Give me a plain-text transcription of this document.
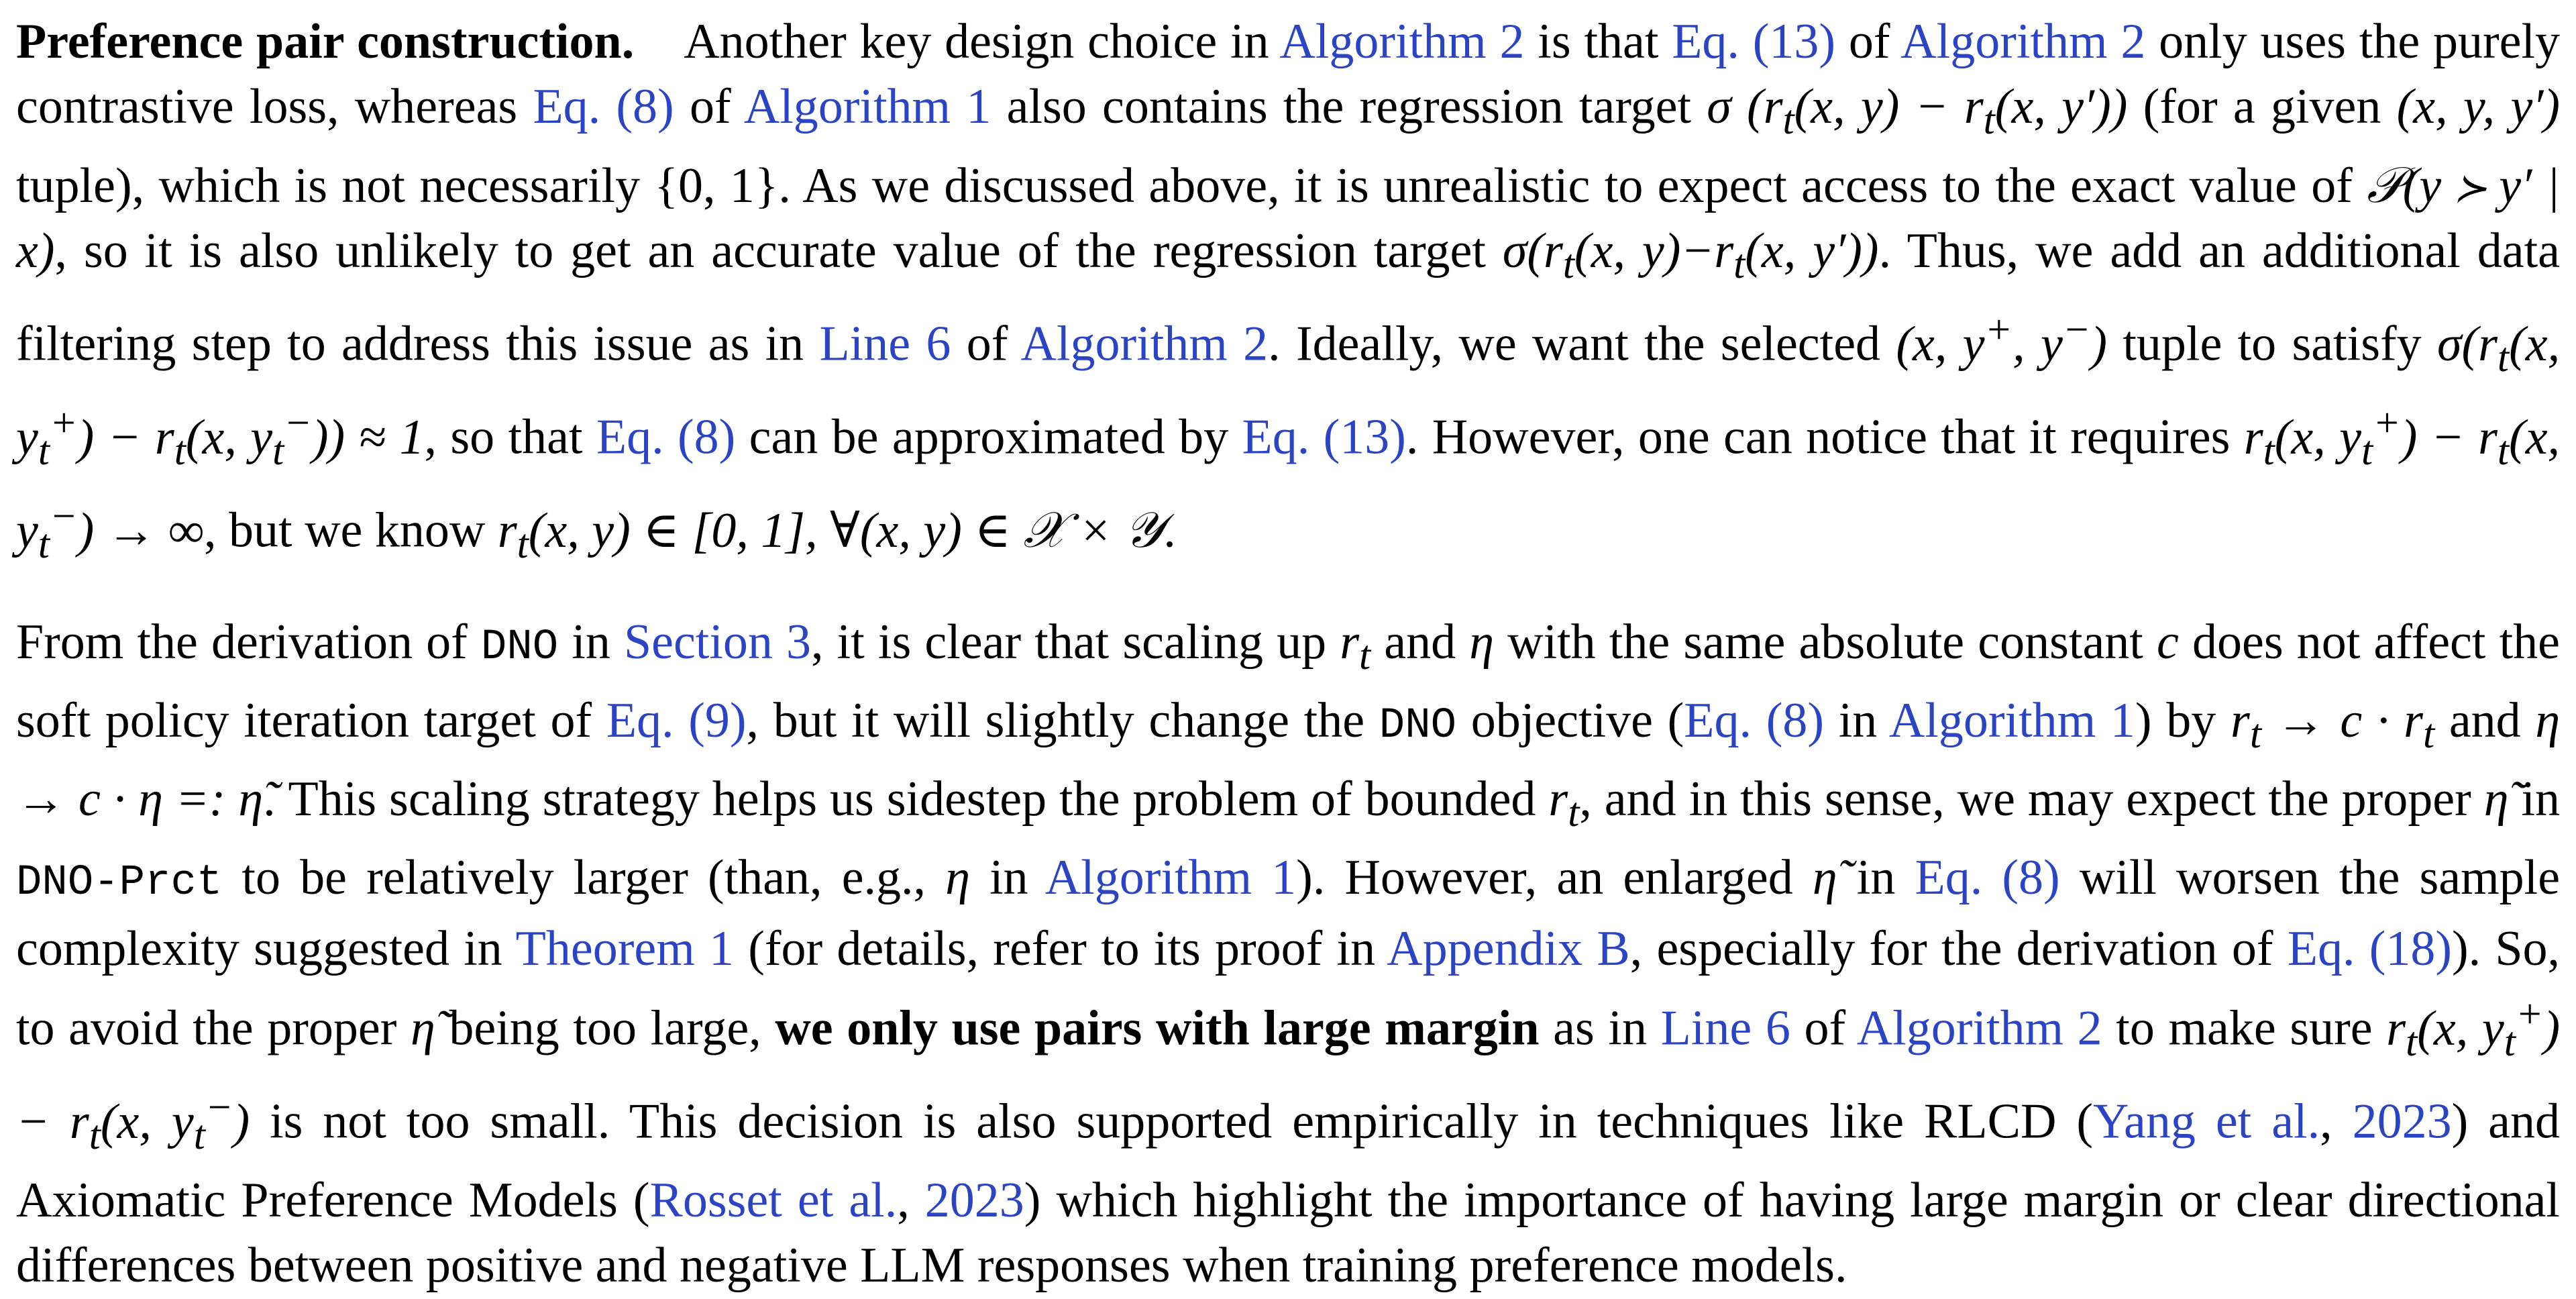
Preference pair construction.  Another key design choice in Algorithm 2 is that Eq. (13) of Algorithm 2 only uses the purely contrastive loss, whereas Eq. (8) of Algorithm 1 also contains the regression target σ ($r_t(x$, $y) - r_t(x$, y′)) (for a given (x, y, y′) tuple), which is not necessarily {0, 1}. As we discussed above, it is unrealistic to expect access to the exact value of 𝒫(y ≻ y′ | x), so it is also unlikely to get an accurate value of the regression target $\sigma(r_t(x$, $y)-r_t(x$, y′)). Thus, we add an additional data filtering step to address this issue as in Line 6 of Algorithm 2. Ideally, we want the selected (x, y+, y−) tuple to satisfy $\sigma(r_t(x$, $y_t^+) - r_t(x$, $y_t^-)) \approx 1$, so that Eq. (8) can be approximated by Eq. (13). However, one can notice that it requires $r_t(x$, $y_t^+) - r_t(x$, $y_t^-$) → ∞, but we know $r_t(x$, y) ∈ [0, 1], ∀(x, y) ∈ 𝒳 × 𝒴.

From the derivation of DNO in Section 3, it is clear that scaling up $r_t$ and η with the same absolute constant c does not affect the soft policy iteration target of Eq. (9), but it will slightly change the DNO objective (Eq. (8) in Algorithm 1) by $r_t \to c \cdot r_t$ and η → c · η =: η̃. This scaling strategy helps us sidestep the problem of bounded $r_t$, and in this sense, we may expect the proper η̃ in DNO-Prct to be relatively larger (than, e.g., η in Algorithm 1). However, an enlarged η̃ in Eq. (8) will worsen the sample complexity suggested in Theorem 1 (for details, refer to its proof in Appendix B, especially for the derivation of Eq. (18)). So, to avoid the proper η̃ being too large, we only use pairs with large margin as in Line 6 of Algorithm 2 to make sure $r_t(x$, $y_t^+) - r_t(x$, $y_t^-$) is not too small. This decision is also supported empirically in techniques like RLCD (Yang et al., 2023) and Axiomatic Preference Models (Rosset et al., 2023) which highlight the importance of having large margin or clear directional differences between positive and negative LLM responses when training preference models.
